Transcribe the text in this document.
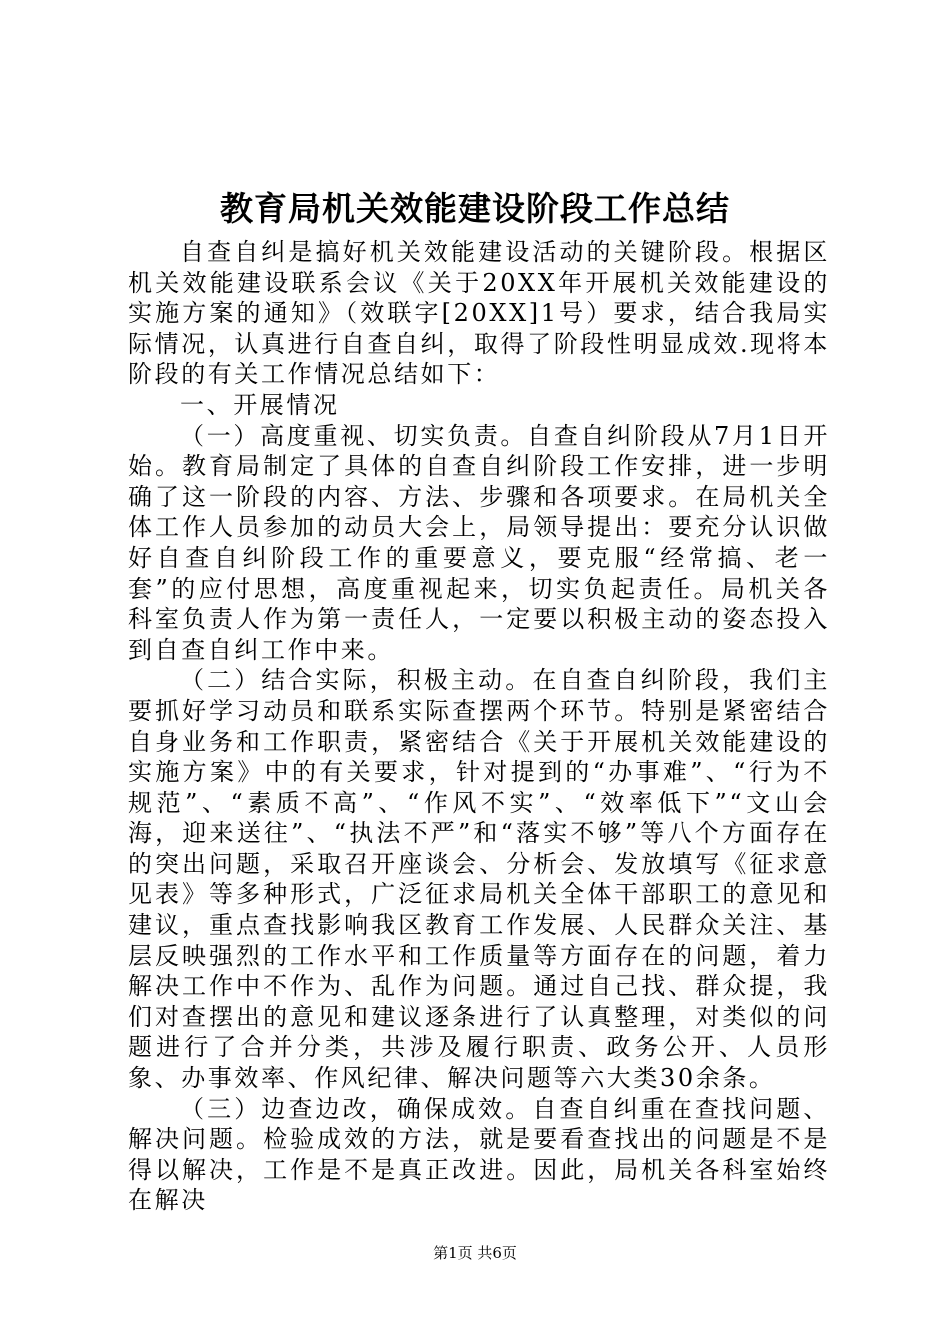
教育局机关效能建设阶段工作总结

自查自纠是搞好机关效能建设活动的关键阶段。根据区机关效能建设联系会议《关于20XX年开展机关效能建设的实施方案的通知》（效联字[20XX]1号）要求，结合我局实际情况，认真进行自查自纠，取得了阶段性明显成效.现将本阶段的有关工作情况总结如下：

一、开展情况

（一）高度重视、切实负责。自查自纠阶段从7月1日开始。教育局制定了具体的自查自纠阶段工作安排，进一步明确了这一阶段的内容、方法、步骤和各项要求。在局机关全体工作人员参加的动员大会上，局领导提出：要充分认识做好自查自纠阶段工作的重要意义，要克服“经常搞、老一套”的应付思想，高度重视起来，切实负起责任。局机关各科室负责人作为第一责任人，一定要以积极主动的姿态投入到自查自纠工作中来。

（二）结合实际，积极主动。在自查自纠阶段，我们主要抓好学习动员和联系实际查摆两个环节。特别是紧密结合自身业务和工作职责，紧密结合《关于开展机关效能建设的实施方案》中的有关要求，针对提到的“办事难”、“行为不规范”、“素质不高”、“作风不实”、“效率低下”“文山会海，迎来送往”、“执法不严”和“落实不够”等八个方面存在的突出问题，采取召开座谈会、分析会、发放填写《征求意见表》等多种形式，广泛征求局机关全体干部职工的意见和建议，重点查找影响我区教育工作发展、人民群众关注、基层反映强烈的工作水平和工作质量等方面存在的问题，着力解决工作中不作为、乱作为问题。通过自己找、群众提，我们对查摆出的意见和建议逐条进行了认真整理，对类似的问题进行了合并分类，共涉及履行职责、政务公开、人员形象、办事效率、作风纪律、解决问题等六大类30余条。

（三）边查边改，确保成效。自查自纠重在查找问题、解决问题。检验成效的方法，就是要看查找出的问题是不是得以解决，工作是不是真正改进。因此，局机关各科室始终在解决

第1页 共6页
